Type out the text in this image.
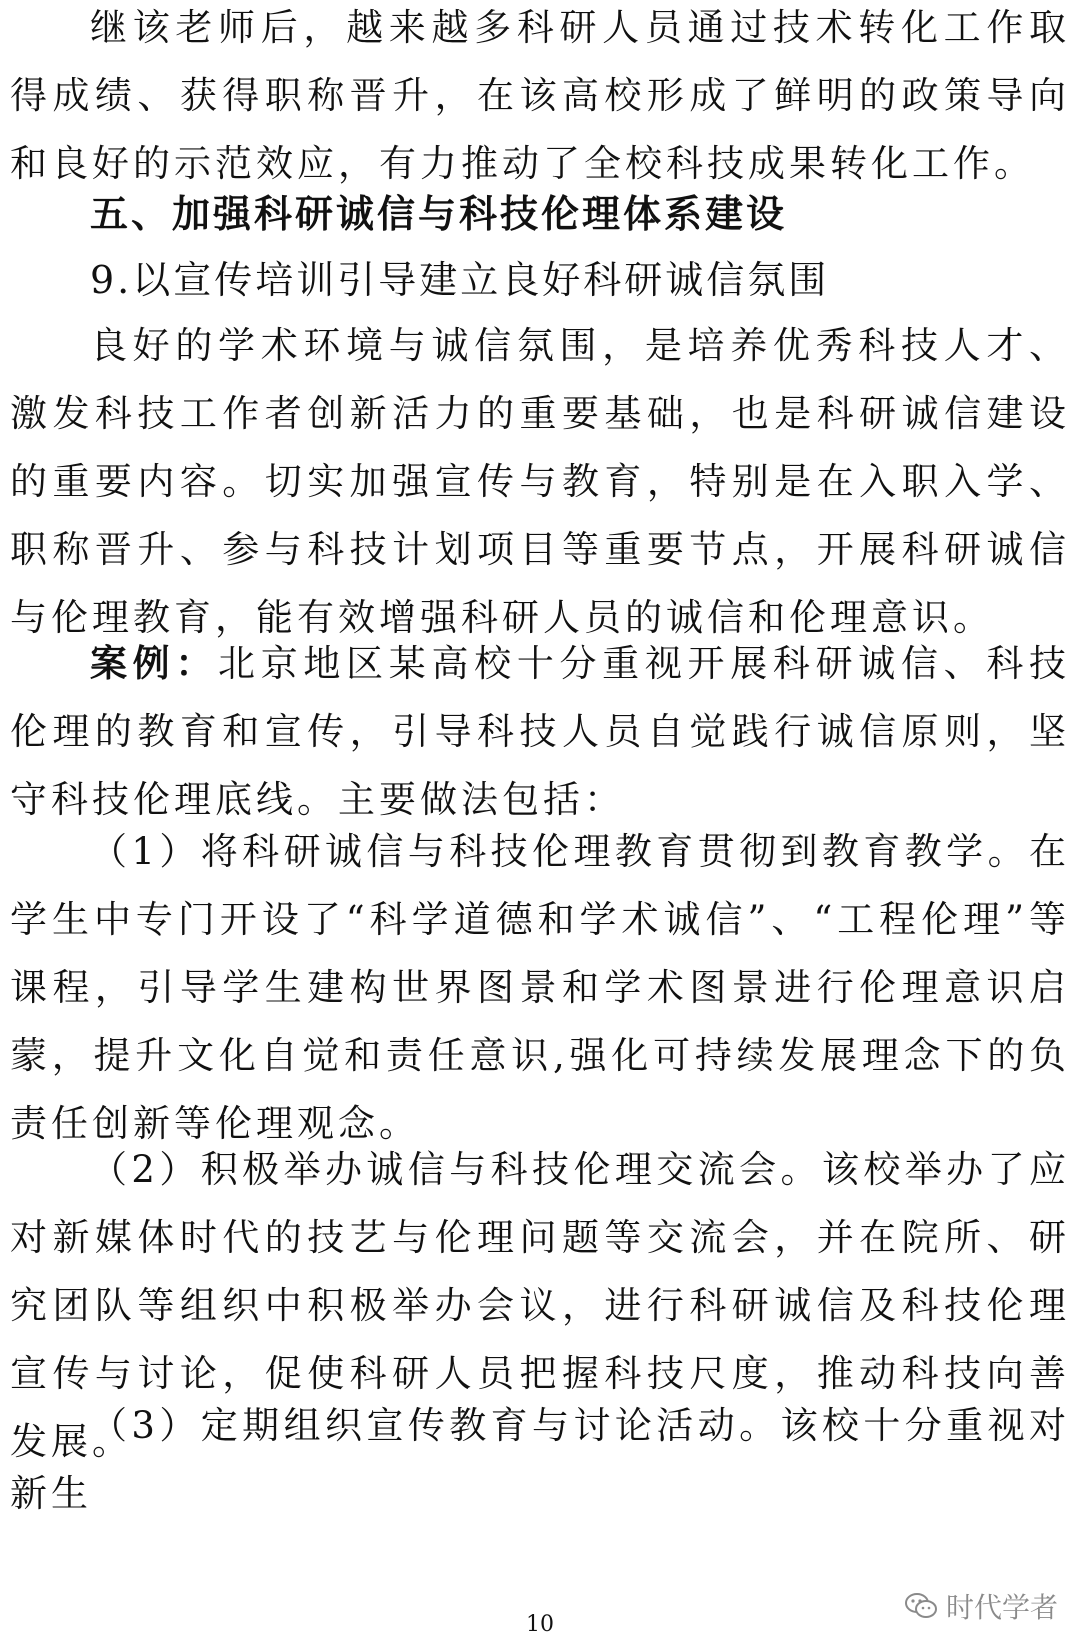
继该老师后，越来越多科研人员通过技术转化工作取得成绩、获得职称晋升，在该高校形成了鲜明的政策导向和良好的示范效应，有力推动了全校科技成果转化工作。

五、加强科研诚信与科技伦理体系建设

9.以宣传培训引导建立良好科研诚信氛围

良好的学术环境与诚信氛围，是培养优秀科技人才、激发科技工作者创新活力的重要基础，也是科研诚信建设的重要内容。切实加强宣传与教育，特别是在入职入学、职称晋升、参与科技计划项目等重要节点，开展科研诚信与伦理教育，能有效增强科研人员的诚信和伦理意识。

案例：北京地区某高校十分重视开展科研诚信、科技伦理的教育和宣传，引导科技人员自觉践行诚信原则，坚守科技伦理底线。主要做法包括：

（1）将科研诚信与科技伦理教育贯彻到教育教学。在学生中专门开设了“科学道德和学术诚信”、“工程伦理”等课程，引导学生建构世界图景和学术图景进行伦理意识启蒙，提升文化自觉和责任意识,强化可持续发展理念下的负责任创新等伦理观念。

（2）积极举办诚信与科技伦理交流会。该校举办了应对新媒体时代的技艺与伦理问题等交流会，并在院所、研究团队等组织中积极举办会议，进行科研诚信及科技伦理宣传与讨论，促使科研人员把握科技尺度，推动科技向善发展。

（3）定期组织宣传教育与讨论活动。该校十分重视对新生

时代学者
10
